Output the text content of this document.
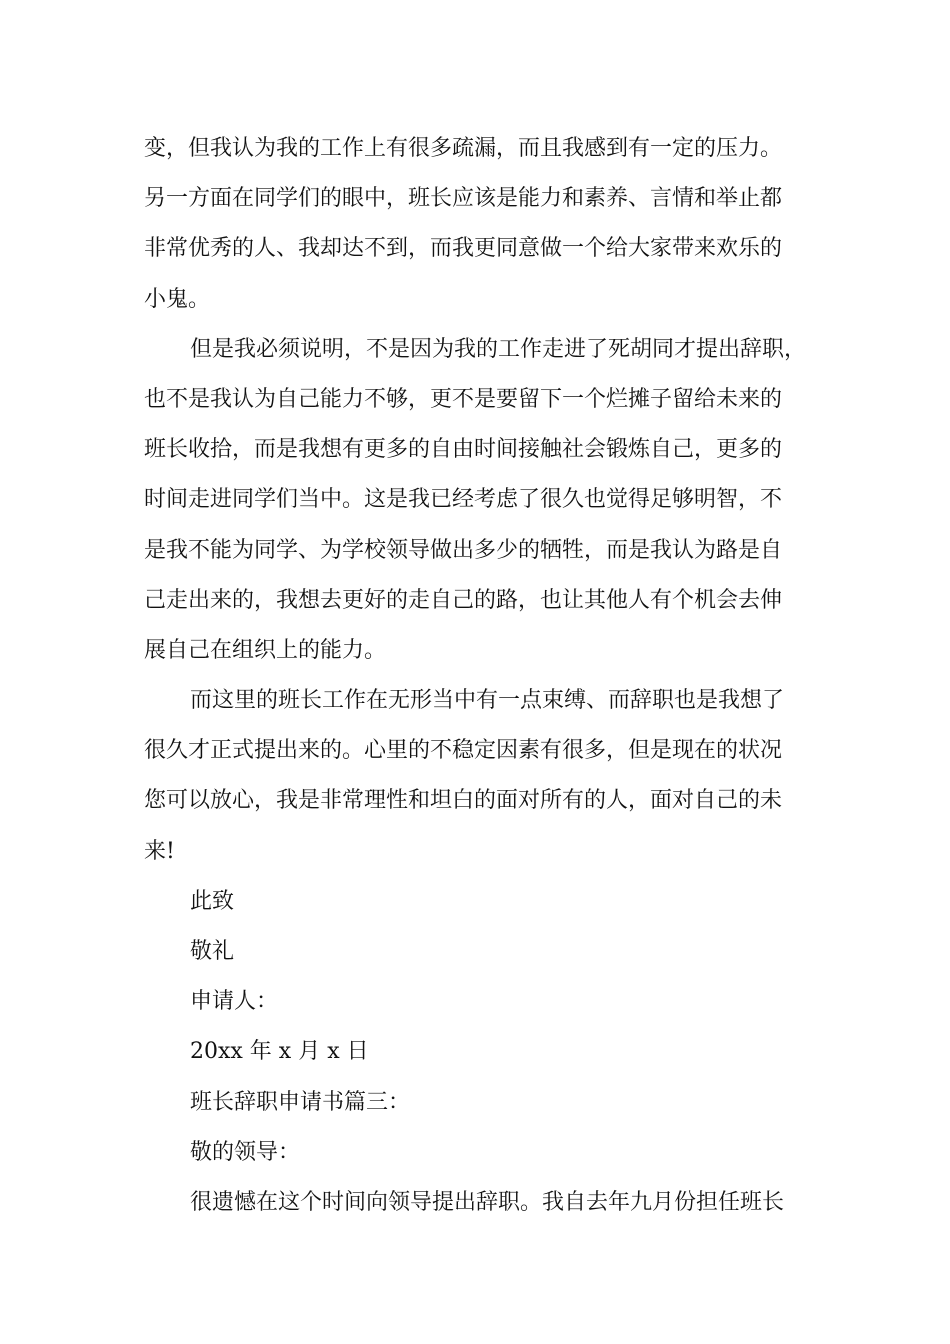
变，但我认为我的工作上有很多疏漏，而且我感到有一定的压力。
另一方面在同学们的眼中，班长应该是能力和素养、言情和举止都
非常优秀的人、我却达不到，而我更同意做一个给大家带来欢乐的
小鬼。
但是我必须说明，不是因为我的工作走进了死胡同才提出辞职，
也不是我认为自己能力不够，更不是要留下一个烂摊子留给未来的
班长收拾，而是我想有更多的自由时间接触社会锻炼自己，更多的
时间走进同学们当中。这是我已经考虑了很久也觉得足够明智，不
是我不能为同学、为学校领导做出多少的牺牲，而是我认为路是自
己走出来的，我想去更好的走自己的路，也让其他人有个机会去伸
展自己在组织上的能力。
而这里的班长工作在无形当中有一点束缚、而辞职也是我想了
很久才正式提出来的。心里的不稳定因素有很多，但是现在的状况
您可以放心，我是非常理性和坦白的面对所有的人，面对自己的未
来!
此致
敬礼
申请人：
20xx 年 x 月 x 日
班长辞职申请书篇三：
敬的领导：
很遗憾在这个时间向领导提出辞职。我自去年九月份担任班长
